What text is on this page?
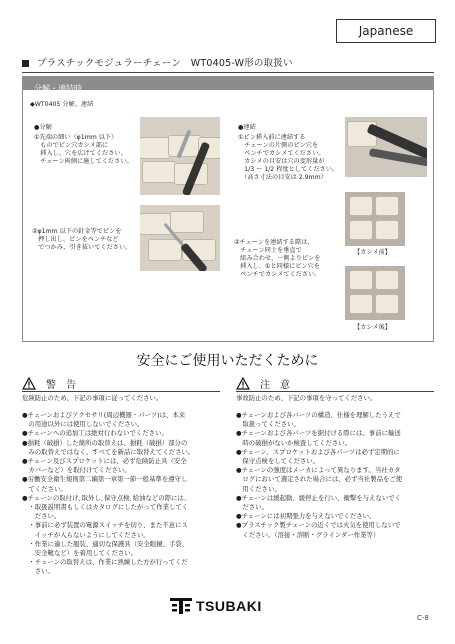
Japanese
プラスチックモジュラーチェーン　WT0405-W形の取扱い
分解・連結時
◆WT0405 分解、連結
●分解
①先端の細い（φ1mm 以下）
　ものでピン穴カシメ部に
　挿入し、穴を広げてください。
　チェーン両側に施してください。
②φ1mm 以下の針金等でピンを
　押し出し、ピンをペンチなど
　でつかみ、引き抜いてください。
●連結
①ピン挿入前に連結する
　チェーンの片側のピン穴を
　ペンチでカシメてください。
　カシメの目安は穴の変形量が
　1/3 ～ 1/2 程度としてください。
　（高さ寸法の目安は 2.9mm）
【カシメ前】
②チェーンを連結する際は、
　チェーン同士を垂直で
　組み合わせ、一側よりピンを
　挿入し、①と同様にピン穴を
　ペンチでカシメてください。
【カシメ後】
安全にご使用いただくために
警　告
危険防止のため、下記の事項に従ってください。
●チェーンおよびアクセサリ(周辺機器・パーツ)は、本来
　の用途以外には使用しないでください。
●チェーンへの追加工は絶対行わないでください。
●損耗（破損）した箇所の取替えは、損耗（破損）部分の
　みの取替えではなく、すべてを新品に取替えてください。
●チェーン及びスプロケットには、必ず危険防止具（安全
　カバーなど）を取付けてください。
●労働安全衛生規則第二編第一章第一節一般基準を遵守し
　てください。
●チェーンの取付け､取外し､保守点検､給油などの際には､
　・取扱説明書もしくはカタログにしたがって作業してく
　　ださい。
　・事前に必ず装置の電源スイッチを切り、また不意にス
　　イッチが入らないようにしてください。
　・作業に適した服装、適切な保護具（安全眼鏡、手袋、
　　安全靴など）を着用してください。
　・チェーンの取替えは、作業に熟練した方が行ってくだ
　　さい。
注　意
事故防止のため、下記の事項を守ってください。
●チェーンおよび各パーツの構造、仕様を理解したうえで
　取扱ってください。
●チェーンおよび各パーツを据付ける際には、事前に輸送
　時の破損がないか検査してください。
●チェーン、スプロケットおよび各パーツは必ず定期的に
　保守点検をしてください。
●チェーンの強度はメーカによって異なります。当社カタ
　ログにおいて選定された場合には、必ず当社製品をご使
　用ください。
●チェーンは緩起動、緩停止を行い、衝撃を与えないでく
　ださい。
●チェーンには初期張力を与えないでください。
●プラスチック製チェーンの近くでは火気を使用しないで
　ください。（溶接・溶断・グラインダー作業等）
TSUBAKI
C-8
